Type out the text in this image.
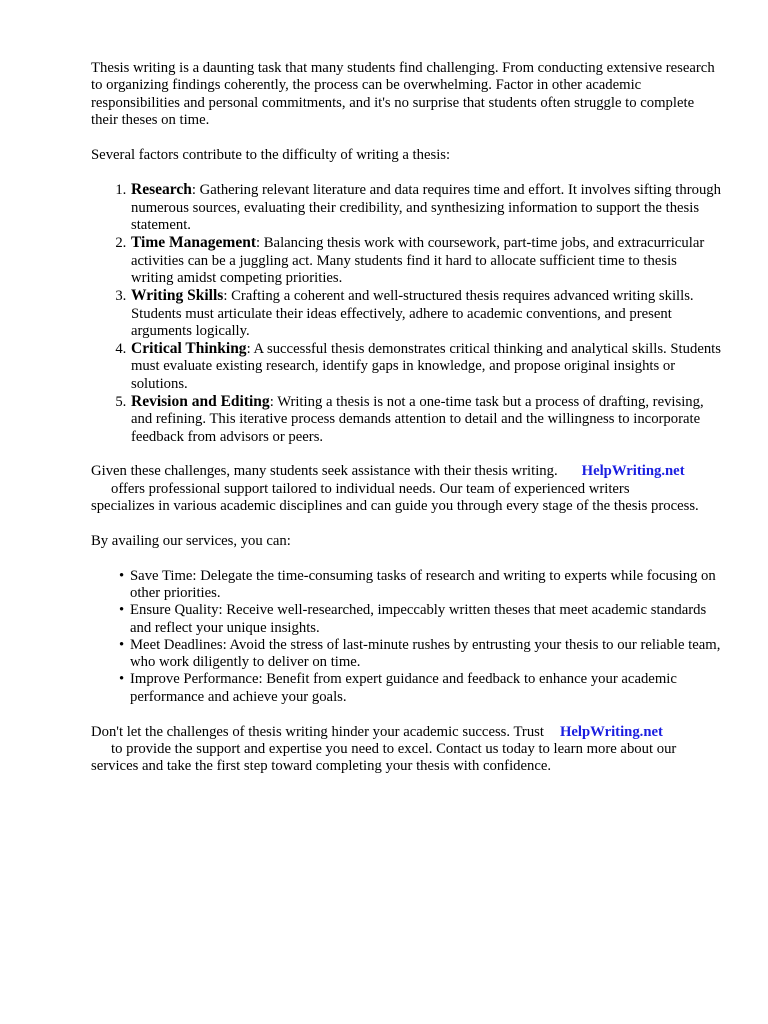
Thesis writing is a daunting task that many students find challenging. From conducting extensive research to organizing findings coherently, the process can be overwhelming. Factor in other academic responsibilities and personal commitments, and it's no surprise that students often struggle to complete their theses on time.

Several factors contribute to the difficulty of writing a thesis:

1. Research: Gathering relevant literature and data requires time and effort. It involves sifting through numerous sources, evaluating their credibility, and synthesizing information to support the thesis statement.
2. Time Management: Balancing thesis work with coursework, part-time jobs, and extracurricular activities can be a juggling act. Many students find it hard to allocate sufficient time to thesis writing amidst competing priorities.
3. Writing Skills: Crafting a coherent and well-structured thesis requires advanced writing skills. Students must articulate their ideas effectively, adhere to academic conventions, and present arguments logically.
4. Critical Thinking: A successful thesis demonstrates critical thinking and analytical skills. Students must evaluate existing research, identify gaps in knowledge, and propose original insights or solutions.
5. Revision and Editing: Writing a thesis is not a one-time task but a process of drafting, revising, and refining. This iterative process demands attention to detail and the willingness to incorporate feedback from advisors or peers.
Given these challenges, many students seek assistance with their thesis writing. HelpWriting.net
offers professional support tailored to individual needs. Our team of experienced writers
specializes in various academic disciplines and can guide you through every stage of the thesis process.

By availing our services, you can:

• Save Time: Delegate the time-consuming tasks of research and writing to experts while focusing on other priorities.
• Ensure Quality: Receive well-researched, impeccably written theses that meet academic standards and reflect your unique insights.
• Meet Deadlines: Avoid the stress of last-minute rushes by entrusting your thesis to our reliable team, who work diligently to deliver on time.
• Improve Performance: Benefit from expert guidance and feedback to enhance your academic performance and achieve your goals.
Don't let the challenges of thesis writing hinder your academic success. Trust HelpWriting.net
to provide the support and expertise you need to excel. Contact us today to learn more about our
services and take the first step toward completing your thesis with confidence.
